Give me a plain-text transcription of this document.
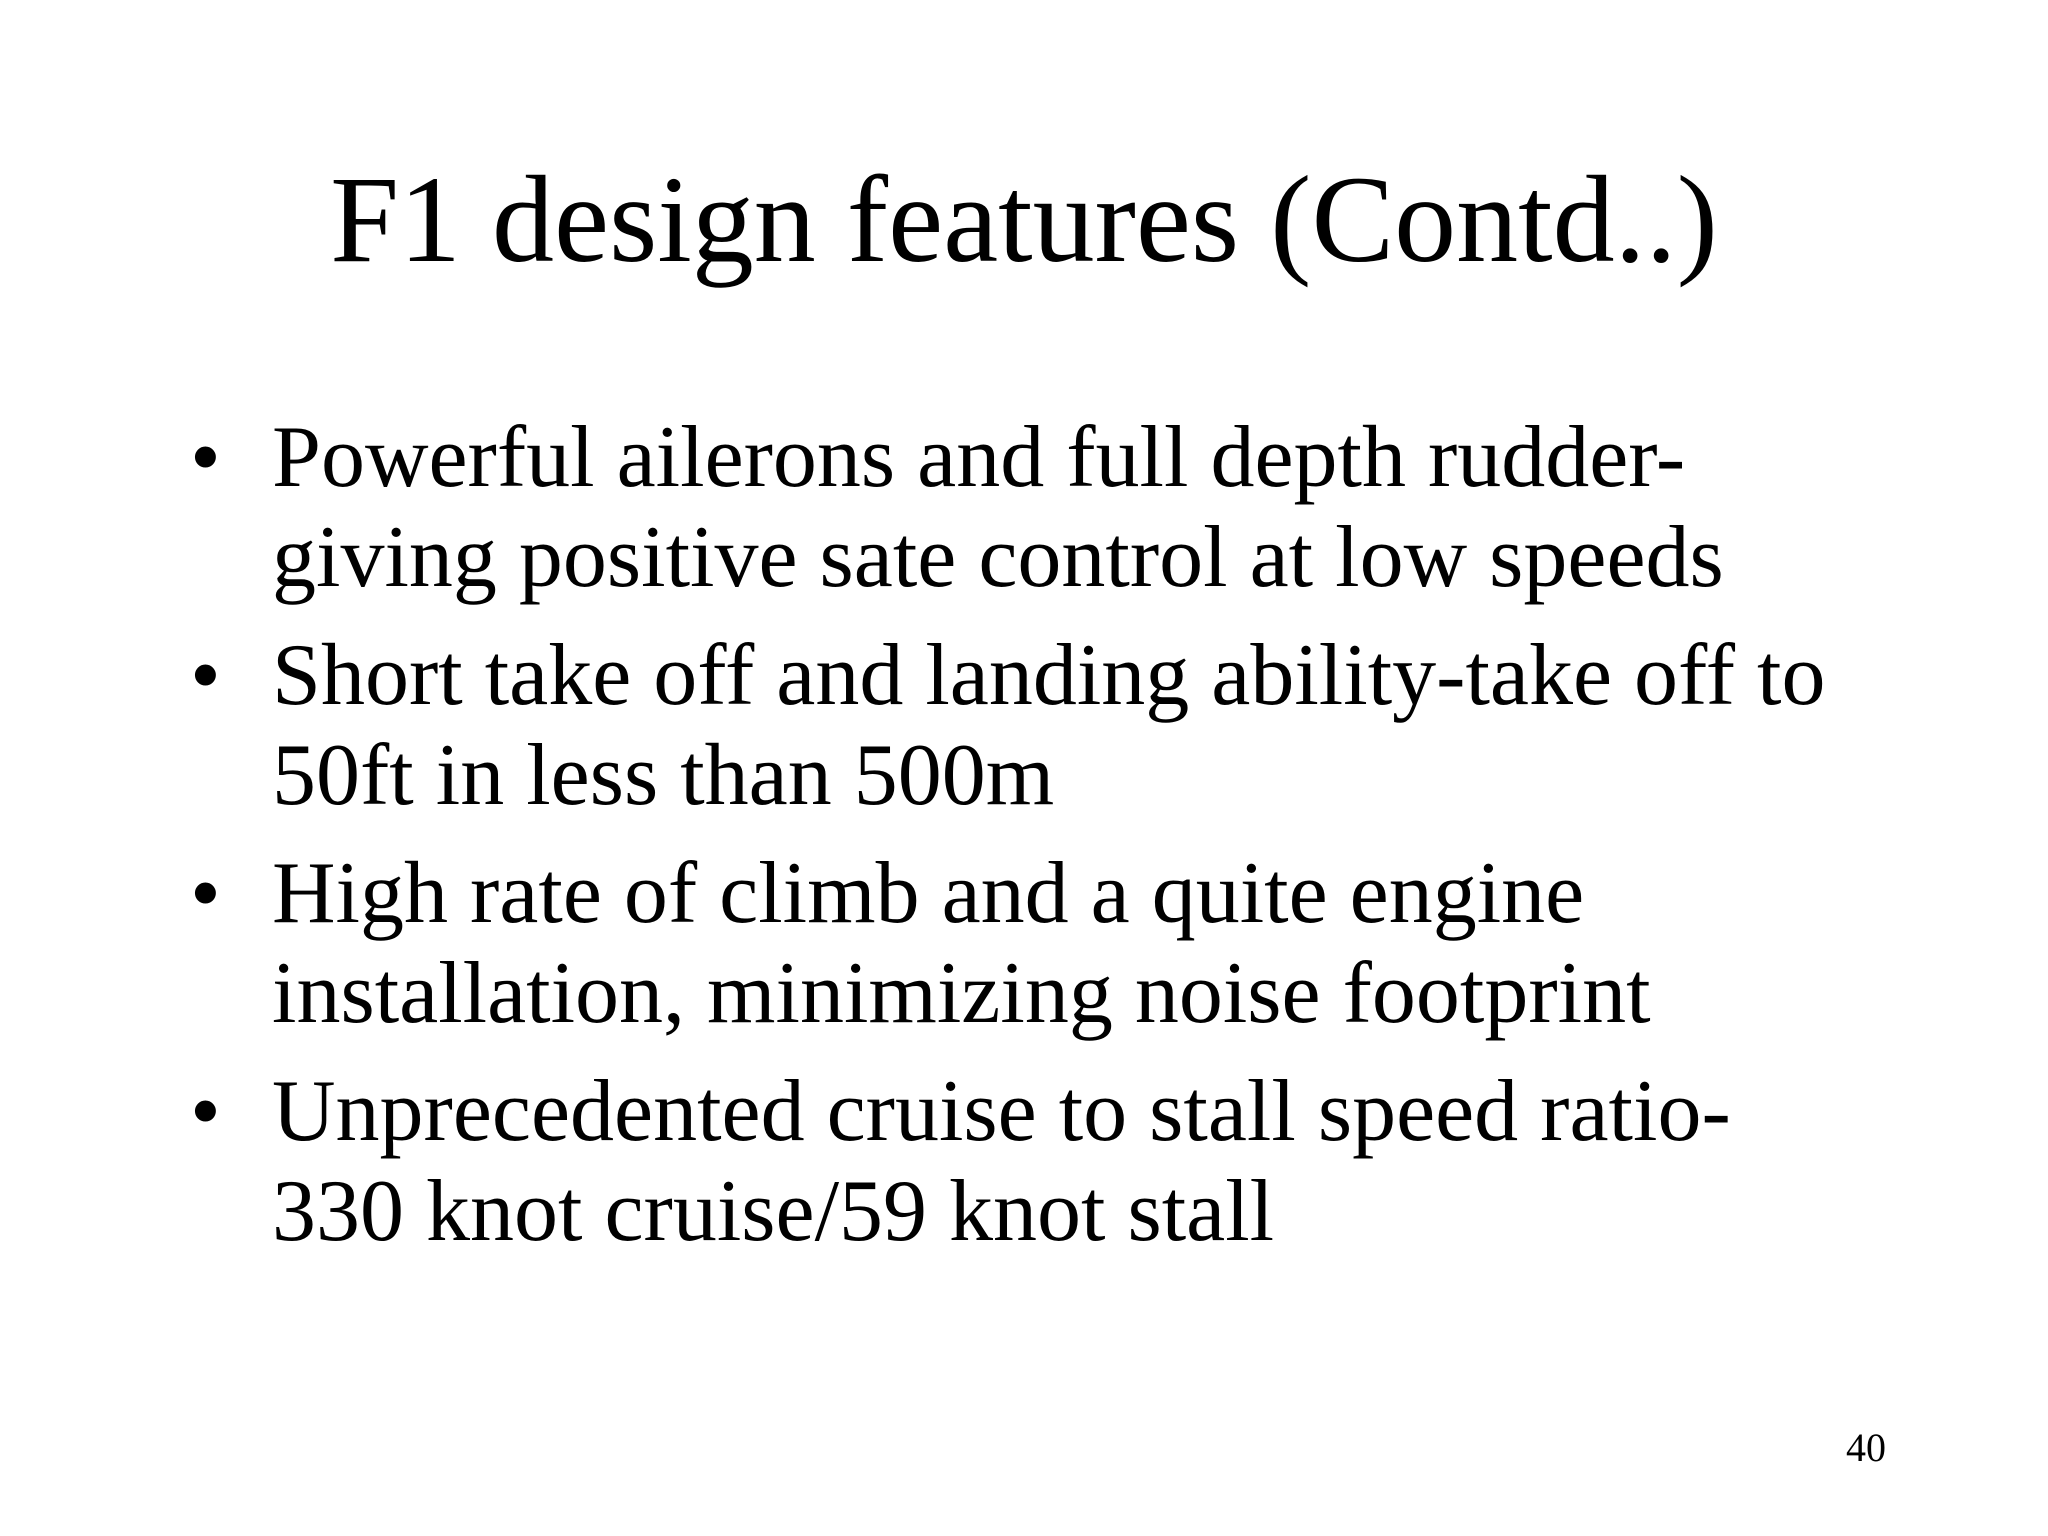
F1 design features (Contd..)
• Powerful ailerons and full depth rudder-
giving positive sate control at low speeds
• Short take off and landing ability-take off to
50ft in less than 500m
• High rate of climb and a quite engine
installation, minimizing noise footprint
• Unprecedented cruise to stall speed ratio-
330 knot cruise/59 knot stall
40
